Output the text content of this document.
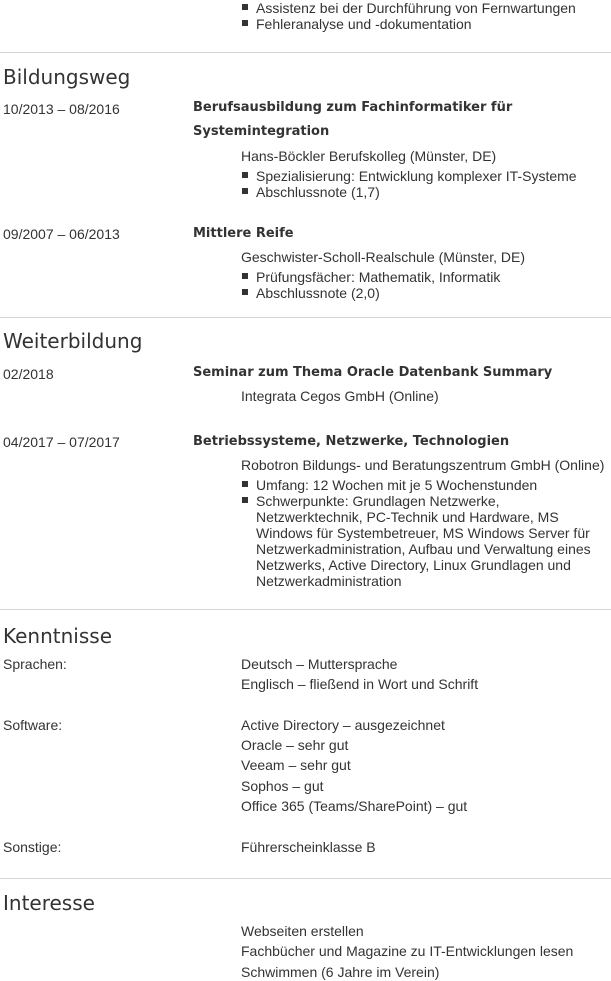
Assistenz bei der Durchführung von Fernwartungen
Fehleranalyse und -dokumentation
Bildungsweg
10/2013 – 08/2016	Berufsausbildung zum Fachinformatiker für
Systemintegration
Hans-Böckler Berufskolleg (Münster, DE)
Spezialisierung: Entwicklung komplexer IT-Systeme
Abschlussnote (1,7)
09/2007 – 06/2013	Mittlere Reife
Geschwister-Scholl-Realschule (Münster, DE)
Prüfungsfächer: Mathematik, Informatik
Abschlussnote (2,0)
Weiterbildung
02/2018	Seminar zum Thema Oracle Datenbank Summary
Integrata Cegos GmbH (Online)
04/2017 – 07/2017	Betriebssysteme, Netzwerke, Technologien
Robotron Bildungs- und Beratungszentrum GmbH (Online)
Umfang: 12 Wochen mit je 5 Wochenstunden
Schwerpunkte: Grundlagen Netzwerke, Netzwerktechnik, PC-Technik und Hardware, MS Windows für Systembetreuer, MS Windows Server für Netzwerkadministration, Aufbau und Verwaltung eines Netzwerks, Active Directory, Linux Grundlagen und Netzwerkadministration
Kenntnisse
Sprachen:	Deutsch – Muttersprache
Englisch – fließend in Wort und Schrift
Software:	Active Directory – ausgezeichnet
Oracle – sehr gut
Veeam – sehr gut
Sophos – gut
Office 365 (Teams/SharePoint) – gut
Sonstige:	Führerscheinklasse B
Interesse
Webseiten erstellen
Fachbücher und Magazine zu IT-Entwicklungen lesen
Schwimmen (6 Jahre im Verein)
